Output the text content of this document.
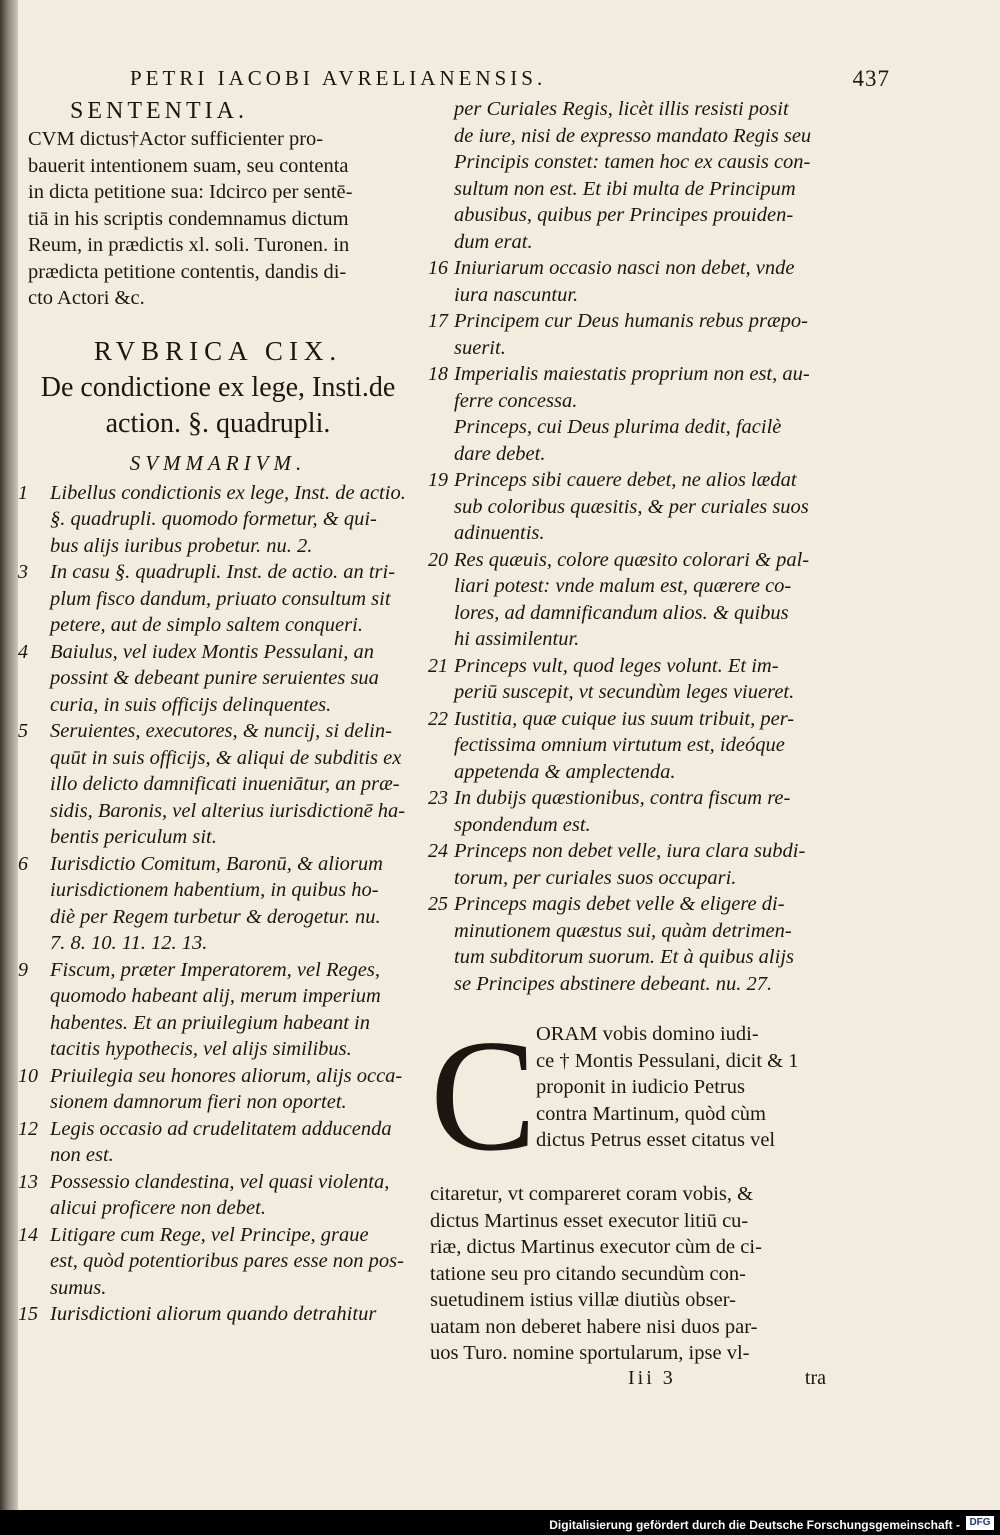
PETRI IACOBI AVRELIANENSIS.	437
SENTENTIA.
CVM dictus†Actor sufficienter pro-
bauerit intentionem suam, seu contenta
in dicta petitione sua: Idcirco per sentē-
tiā in his scriptis condemnamus dictum
Reum, in prædictis xl. soli. Turonen. in
prædicta petitione contentis, dandis di-
cto Actori &c.
RVBRICA CIX.
De condictione ex lege, Insti.de
action. §. quadrupli.
SVMMARIVM.
1 Libellus condictionis ex lege, Inst. de actio.
§. quadrupli. quomodo formetur, & qui-
bus alijs iuribus probetur. nu. 2.
3 In casu §. quadrupli. Inst. de actio. an tri-
plum fisco dandum, priuato consultum sit
petere, aut de simplo saltem conqueri.
4 Baiulus, vel iudex Montis Pessulani, an
possint & debeant punire seruientes sua
curia, in suis officijs delinquentes.
5 Seruientes, executores, & nuncij, si delin-
quūt in suis officijs, & aliqui de subditis ex
illo delicto damnificati inueniātur, an præ-
sidis, Baronis, vel alterius iurisdictionē ha-
bentis periculum sit.
6 Iurisdictio Comitum, Baronū, & aliorum
iurisdictionem habentium, in quibus ho-
diè per Regem turbetur & derogetur. nu.
7. 8. 10. 11. 12. 13.
9 Fiscum, præter Imperatorem, vel Reges,
quomodo habeant alij, merum imperium
habentes. Et an priuilegium habeant in
tacitis hypothecis, vel alijs similibus.
10 Priuilegia seu honores aliorum, alijs occa-
sionem damnorum fieri non oportet.
12 Legis occasio ad crudelitatem adducenda
non est.
13 Possessio clandestina, vel quasi violenta,
alicui proficere non debet.
14 Litigare cum Rege, vel Principe, graue
est, quòd potentioribus pares esse non pos-
sumus.
15 Iurisdictioni aliorum quando detrahitur
per Curiales Regis, licèt illis resisti posit
de iure, nisi de expresso mandato Regis seu
Principis constet: tamen hoc ex causis con-
sultum non est. Et ibi multa de Principum
abusibus, quibus per Principes prouiden-
dum erat.
16 Iniuriarum occasio nasci non debet, vnde
iura nascuntur.
17 Principem cur Deus humanis rebus præpo-
suerit.
18 Imperialis maiestatis proprium non est, au-
ferre concessa.
Princeps, cui Deus plurima dedit, facilè
dare debet.
19 Princeps sibi cauere debet, ne alios lædat
sub coloribus quæsitis, & per curiales suos
adinuentis.
20 Res quæuis, colore quæsito colorari & pal-
liari potest: vnde malum est, quærere co-
lores, ad damnificandum alios. & quibus
hi assimilentur.
21 Princeps vult, quod leges volunt. Et im-
periū suscepit, vt secundùm leges viueret.
22 Iustitia, quæ cuique ius suum tribuit, per-
fectissima omnium virtutum est, ideóque
appetenda & amplectenda.
23 In dubijs quæstionibus, contra fiscum re-
spondendum est.
24 Princeps non debet velle, iura clara subdi-
torum, per curiales suos occupari.
25 Princeps magis debet velle & eligere di-
minutionem quæstus sui, quàm detrimen-
tum subditorum suorum. Et à quibus alijs
se Principes abstinere debeant. nu. 27.
C ORAM vobis domino iudi-
ce † Montis Pessulani, dicit & 1
proponit in iudicio Petrus
contra Martinum, quòd cùm
dictus Petrus esset citatus vel
citaretur, vt compareret coram vobis, &
dictus Martinus esset executor litiū cu-
riæ, dictus Martinus executor cùm de ci-
tatione seu pro citando secundùm con-
suetudinem istius villæ diutiùs obser-
uatam non deberet habere nisi duos par-
uos Turo. nomine sportularum, ipse vl-
Iii 3	tra
Digitalisierung gefördert durch die Deutsche Forschungsgemeinschaft - DFG
